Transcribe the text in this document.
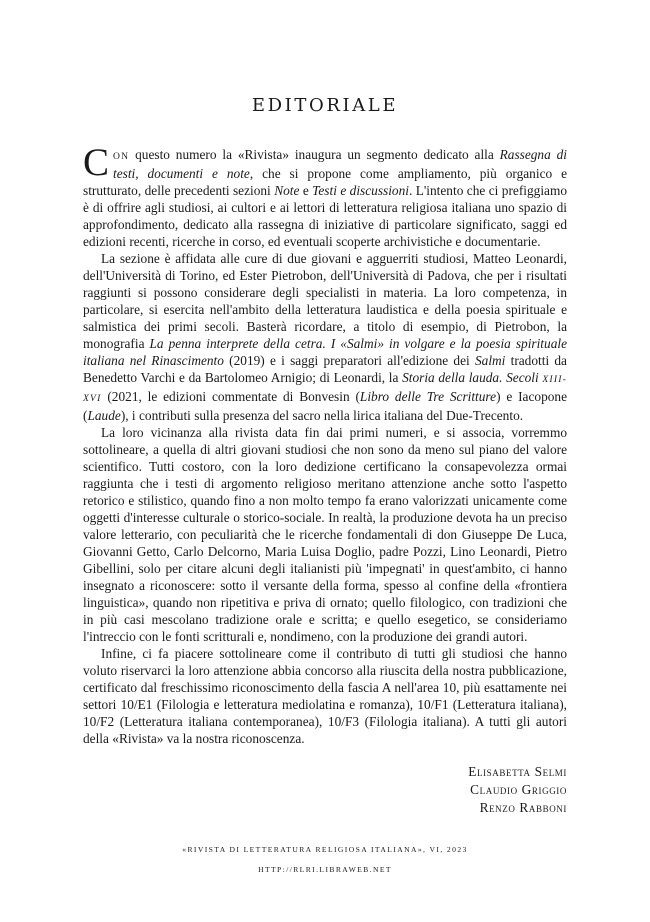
EDITORIALE

CON questo numero la «Rivista» inaugura un segmento dedicato alla Rassegna di testi, documenti e note, che si propone come ampliamento, più organico e strutturato, delle precedenti sezioni Note e Testi e discussioni. L'intento che ci prefiggiamo è di offrire agli studiosi, ai cultori e ai lettori di letteratura religiosa italiana uno spazio di approfondimento, dedicato alla rassegna di iniziative di particolare significato, saggi ed edizioni recenti, ricerche in corso, ed eventuali scoperte archivistiche e documentarie.

La sezione è affidata alle cure di due giovani e agguerriti studiosi, Matteo Leonardi, dell'Università di Torino, ed Ester Pietrobon, dell'Università di Padova, che per i risultati raggiunti si possono considerare degli specialisti in materia. La loro competenza, in particolare, si esercita nell'ambito della letteratura laudistica e della poesia spirituale e salmistica dei primi secoli. Basterà ricordare, a titolo di esempio, di Pietrobon, la monografia La penna interprete della cetra. I «Salmi» in volgare e la poesia spirituale italiana nel Rinascimento (2019) e i saggi preparatori all'edizione dei Salmi tradotti da Benedetto Varchi e da Bartolomeo Arnigio; di Leonardi, la Storia della lauda. Secoli XIII-XVI (2021, le edizioni commentate di Bonvesin (Libro delle Tre Scritture) e Iacopone (Laude), i contributi sulla presenza del sacro nella lirica italiana del Due-Trecento.

La loro vicinanza alla rivista data fin dai primi numeri, e si associa, vorremmo sottolineare, a quella di altri giovani studiosi che non sono da meno sul piano del valore scientifico. Tutti costoro, con la loro dedizione certificano la consapevolezza ormai raggiunta che i testi di argomento religioso meritano attenzione anche sotto l'aspetto retorico e stilistico, quando fino a non molto tempo fa erano valorizzati unicamente come oggetti d'interesse culturale o storico-sociale. In realtà, la produzione devota ha un preciso valore letterario, con peculiarità che le ricerche fondamentali di don Giuseppe De Luca, Giovanni Getto, Carlo Delcorno, Maria Luisa Doglio, padre Pozzi, Lino Leonardi, Pietro Gibellini, solo per citare alcuni degli italianisti più 'impegnati' in quest'ambito, ci hanno insegnato a riconoscere: sotto il versante della forma, spesso al confine della «frontiera linguistica», quando non ripetitiva e priva di ornato; quello filologico, con tradizioni che in più casi mescolano tradizione orale e scritta; e quello esegetico, se consideriamo l'intreccio con le fonti scritturali e, nondimeno, con la produzione dei grandi autori.

Infine, ci fa piacere sottolineare come il contributo di tutti gli studiosi che hanno voluto riservarci la loro attenzione abbia concorso alla riuscita della nostra pubblicazione, certificato dal freschissimo riconoscimento della fascia A nell'area 10, più esattamente nei settori 10/E1 (Filologia e letteratura mediolatina e romanza), 10/F1 (Letteratura italiana), 10/F2 (Letteratura italiana contemporanea), 10/F3 (Filologia italiana). A tutti gli autori della «Rivista» va la nostra riconoscenza.

Elisabetta Selmi
Claudio Griggio
Renzo Rabboni
«RIVISTA DI LETTERATURA RELIGIOSA ITALIANA», VI, 2023
HTTP://RLRI.LIBRAWEB.NET
